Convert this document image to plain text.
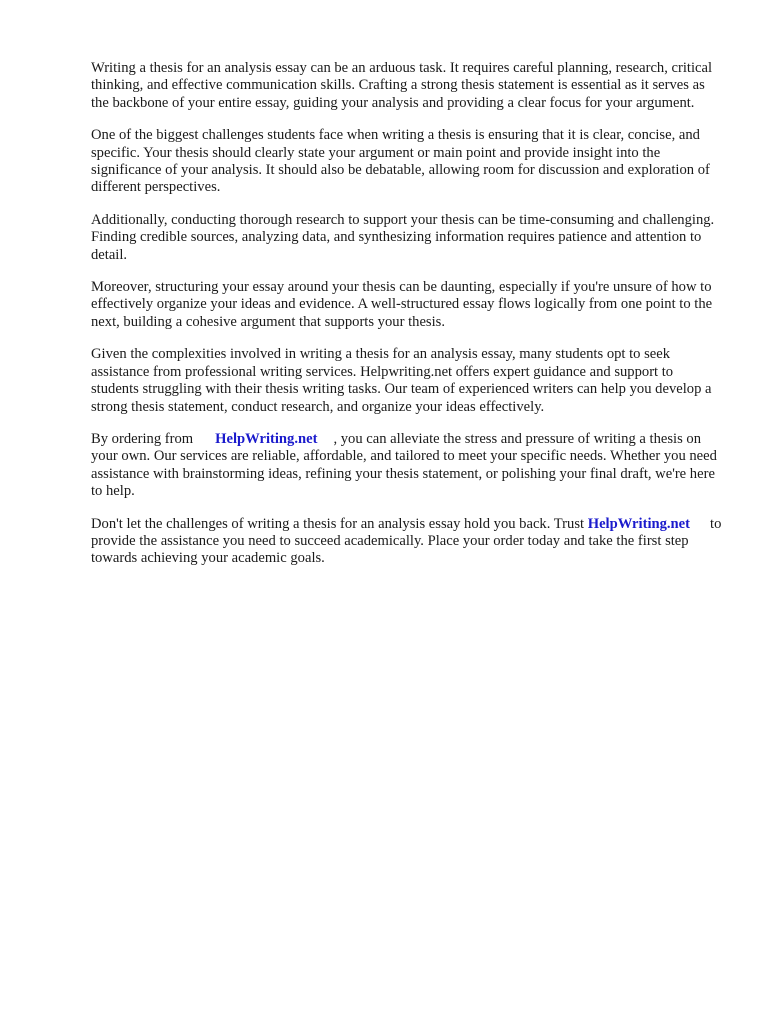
Writing a thesis for an analysis essay can be an arduous task. It requires careful planning, research, critical thinking, and effective communication skills. Crafting a strong thesis statement is essential as it serves as the backbone of your entire essay, guiding your analysis and providing a clear focus for your argument.

One of the biggest challenges students face when writing a thesis is ensuring that it is clear, concise, and specific. Your thesis should clearly state your argument or main point and provide insight into the significance of your analysis. It should also be debatable, allowing room for discussion and exploration of different perspectives.

Additionally, conducting thorough research to support your thesis can be time-consuming and challenging. Finding credible sources, analyzing data, and synthesizing information requires patience and attention to detail.

Moreover, structuring your essay around your thesis can be daunting, especially if you're unsure of how to effectively organize your ideas and evidence. A well-structured essay flows logically from one point to the next, building a cohesive argument that supports your thesis.

Given the complexities involved in writing a thesis for an analysis essay, many students opt to seek assistance from professional writing services. Helpwriting.net offers expert guidance and support to students struggling with their thesis writing tasks. Our team of experienced writers can help you develop a strong thesis statement, conduct research, and organize your ideas effectively.

By ordering from HelpWriting.net , you can alleviate the stress and pressure of writing a thesis on your own. Our services are reliable, affordable, and tailored to meet your specific needs. Whether you need assistance with brainstorming ideas, refining your thesis statement, or polishing your final draft, we're here to help.

Don't let the challenges of writing a thesis for an analysis essay hold you back. Trust HelpWriting.net to provide the assistance you need to succeed academically. Place your order today and take the first step towards achieving your academic goals.
